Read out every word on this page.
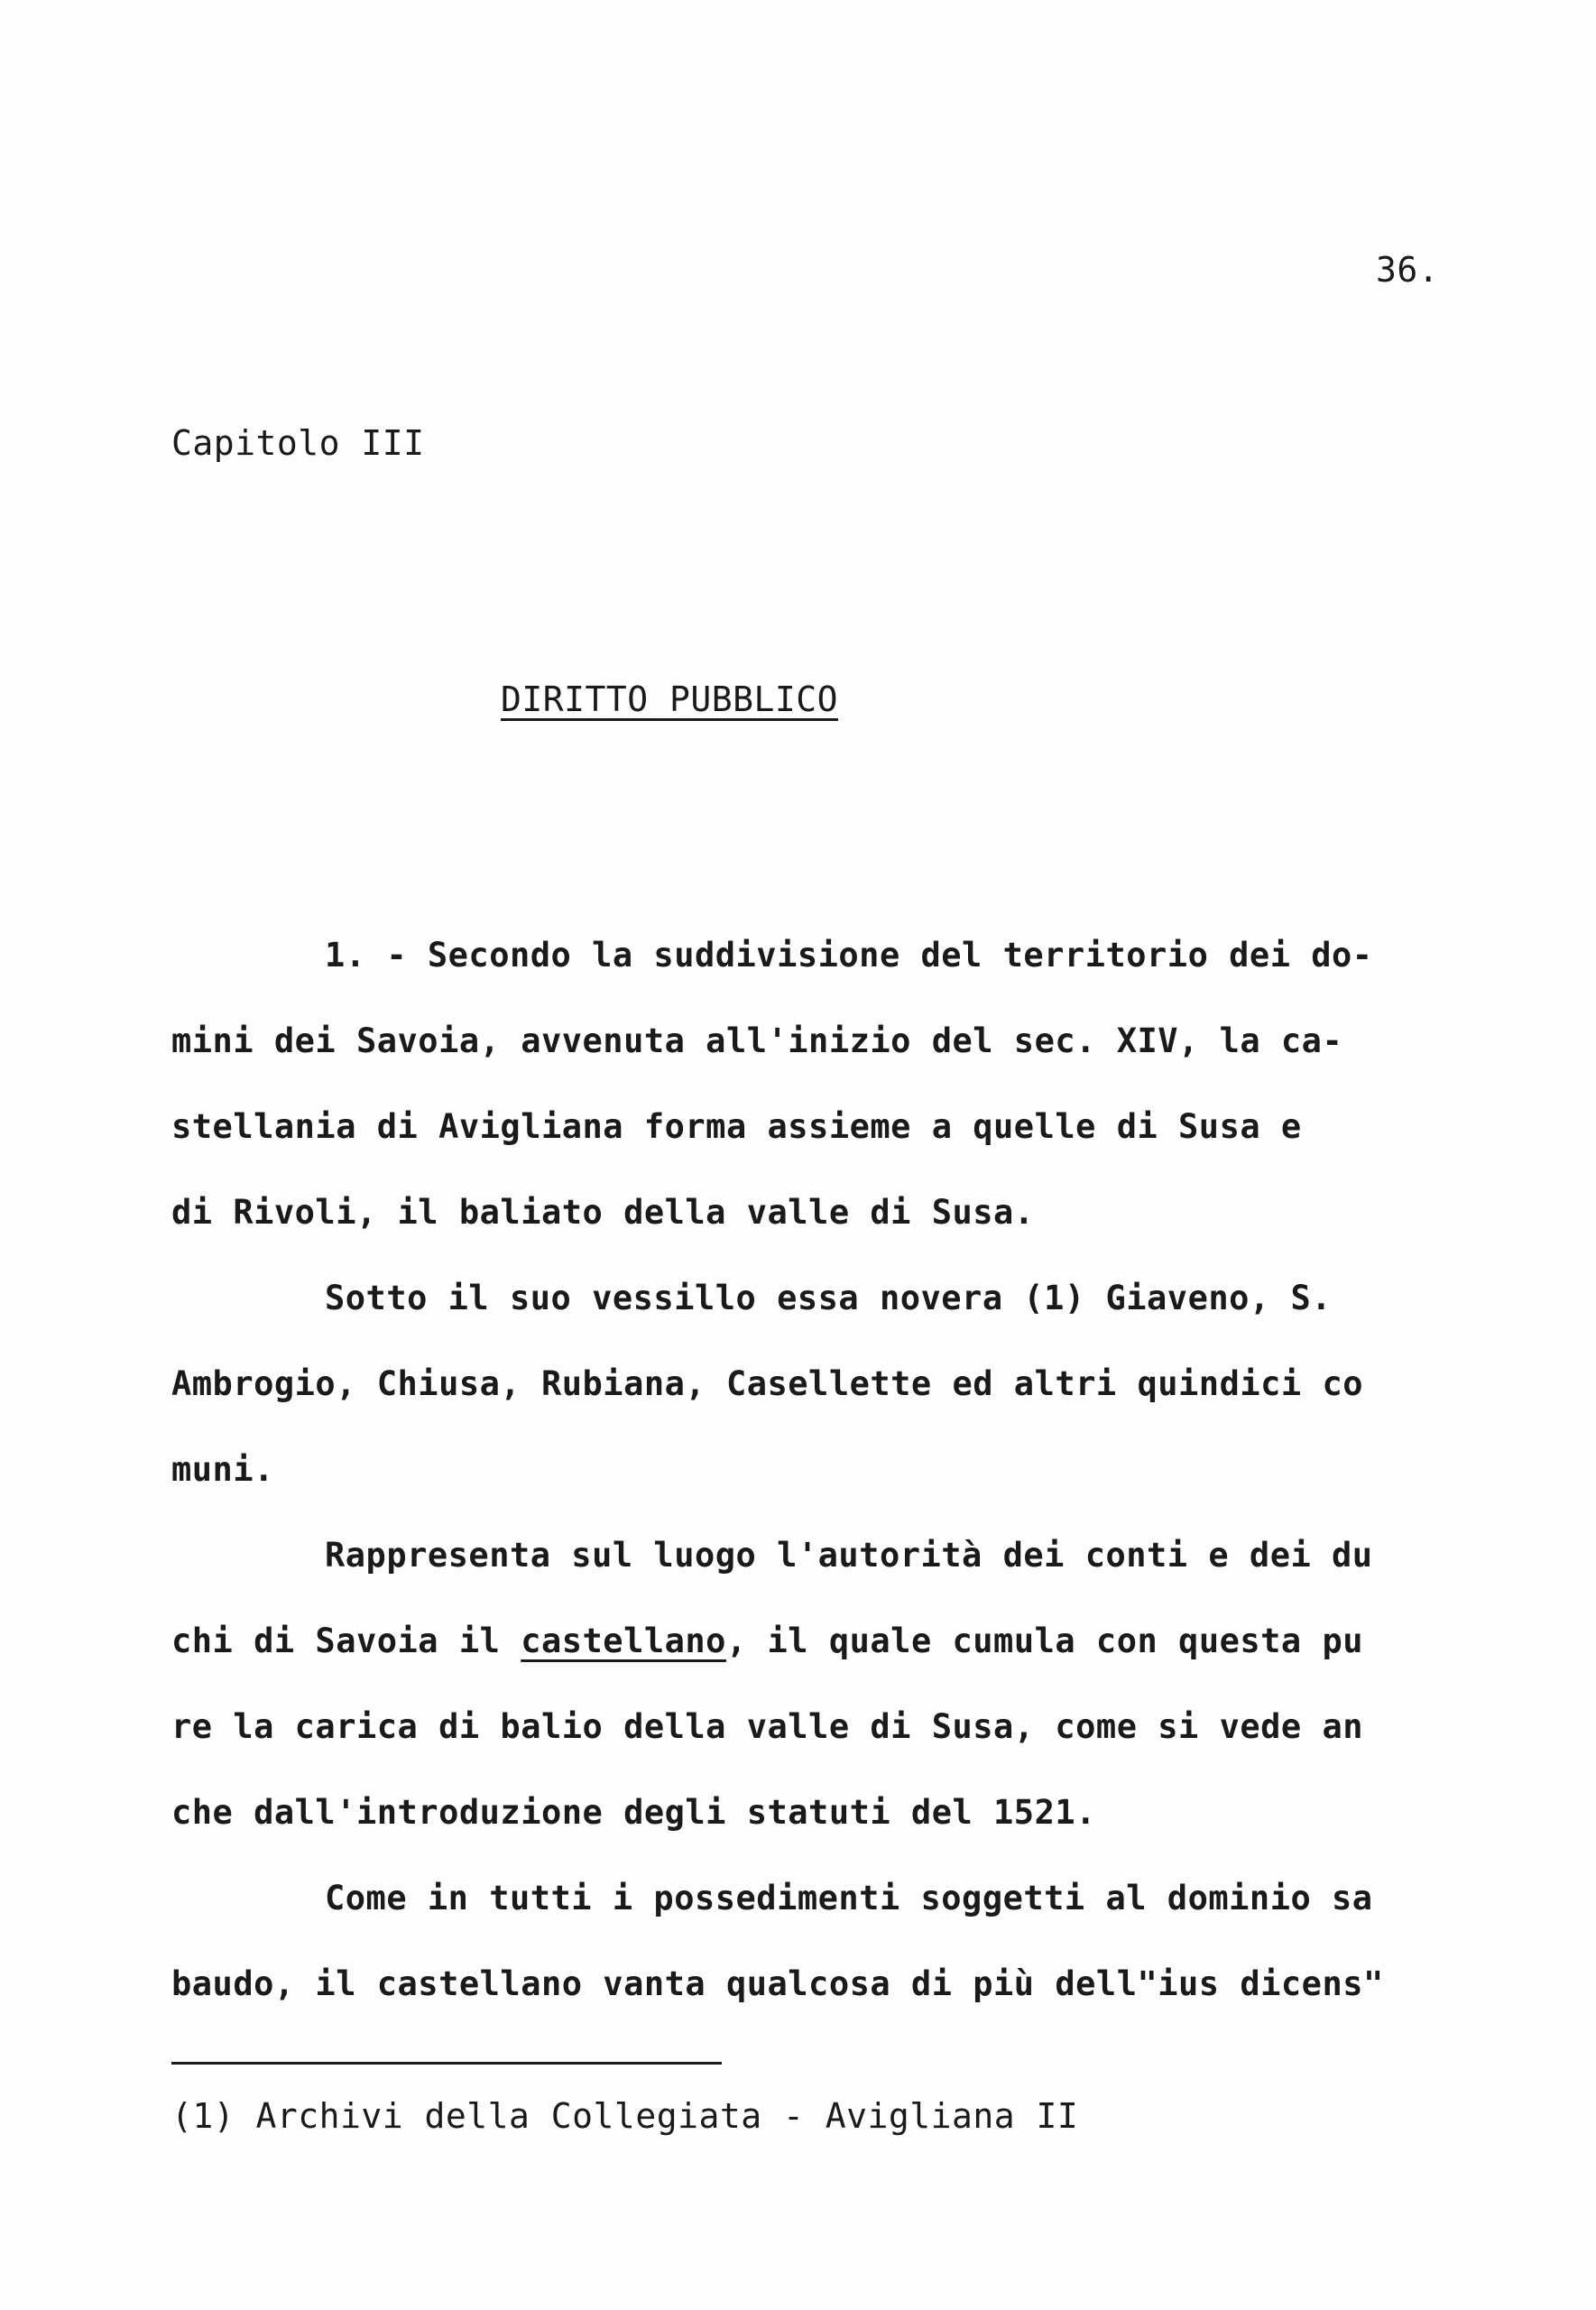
36.
Capitolo III
DIRITTO PUBBLICO
1. - Secondo la suddivisione del territorio dei do-
mini dei Savoia, avvenuta all'inizio del sec. XIV, la ca-
stellania di Avigliana forma assieme a quelle di Susa e
di Rivoli, il baliato della valle di Susa.
Sotto il suo vessillo essa novera (1) Giaveno, S.
Ambrogio, Chiusa, Rubiana, Casellette ed altri quindici co
muni.
Rappresenta sul luogo l'autorità dei conti e dei du
chi di Savoia il castellano, il quale cumula con questa pu
re la carica di balio della valle di Susa, come si vede an
che dall'introduzione degli statuti del 1521.
Come in tutti i possedimenti soggetti al dominio sa
baudo, il castellano vanta qualcosa di più dell"ius dicens"
(1) Archivi della Collegiata - Avigliana II
